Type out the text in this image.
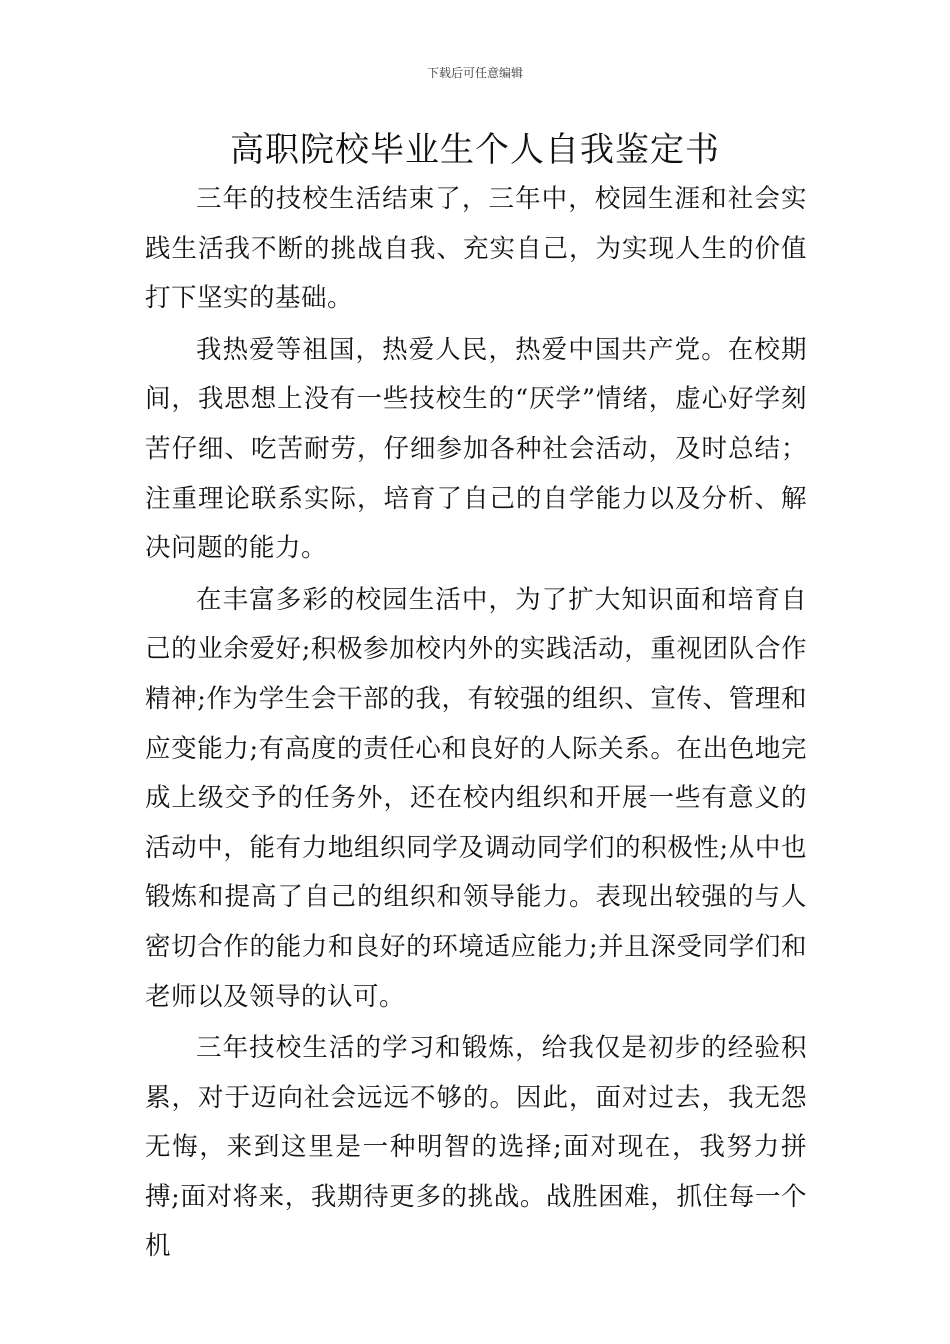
下载后可任意编辑
高职院校毕业生个人自我鉴定书

三年的技校生活结束了，三年中，校园生涯和社会实践生活我不断的挑战自我、充实自己，为实现人生的价值打下坚实的基础。

我热爱等祖国，热爱人民，热爱中国共产党。在校期间，我思想上没有一些技校生的“厌学”情绪，虚心好学刻苦仔细、吃苦耐劳，仔细参加各种社会活动，及时总结；注重理论联系实际，培育了自己的自学能力以及分析、解决问题的能力。

在丰富多彩的校园生活中，为了扩大知识面和培育自己的业余爱好;积极参加校内外的实践活动，重视团队合作精神;作为学生会干部的我，有较强的组织、宣传、管理和应变能力;有高度的责任心和良好的人际关系。在出色地完成上级交予的任务外，还在校内组织和开展一些有意义的活动中，能有力地组织同学及调动同学们的积极性;从中也锻炼和提高了自己的组织和领导能力。表现出较强的与人密切合作的能力和良好的环境适应能力;并且深受同学们和老师以及领导的认可。

三年技校生活的学习和锻炼，给我仅是初步的经验积累，对于迈向社会远远不够的。因此，面对过去，我无怨无悔，来到这里是一种明智的选择;面对现在，我努力拼搏;面对将来，我期待更多的挑战。战胜困难，抓住每一个机
